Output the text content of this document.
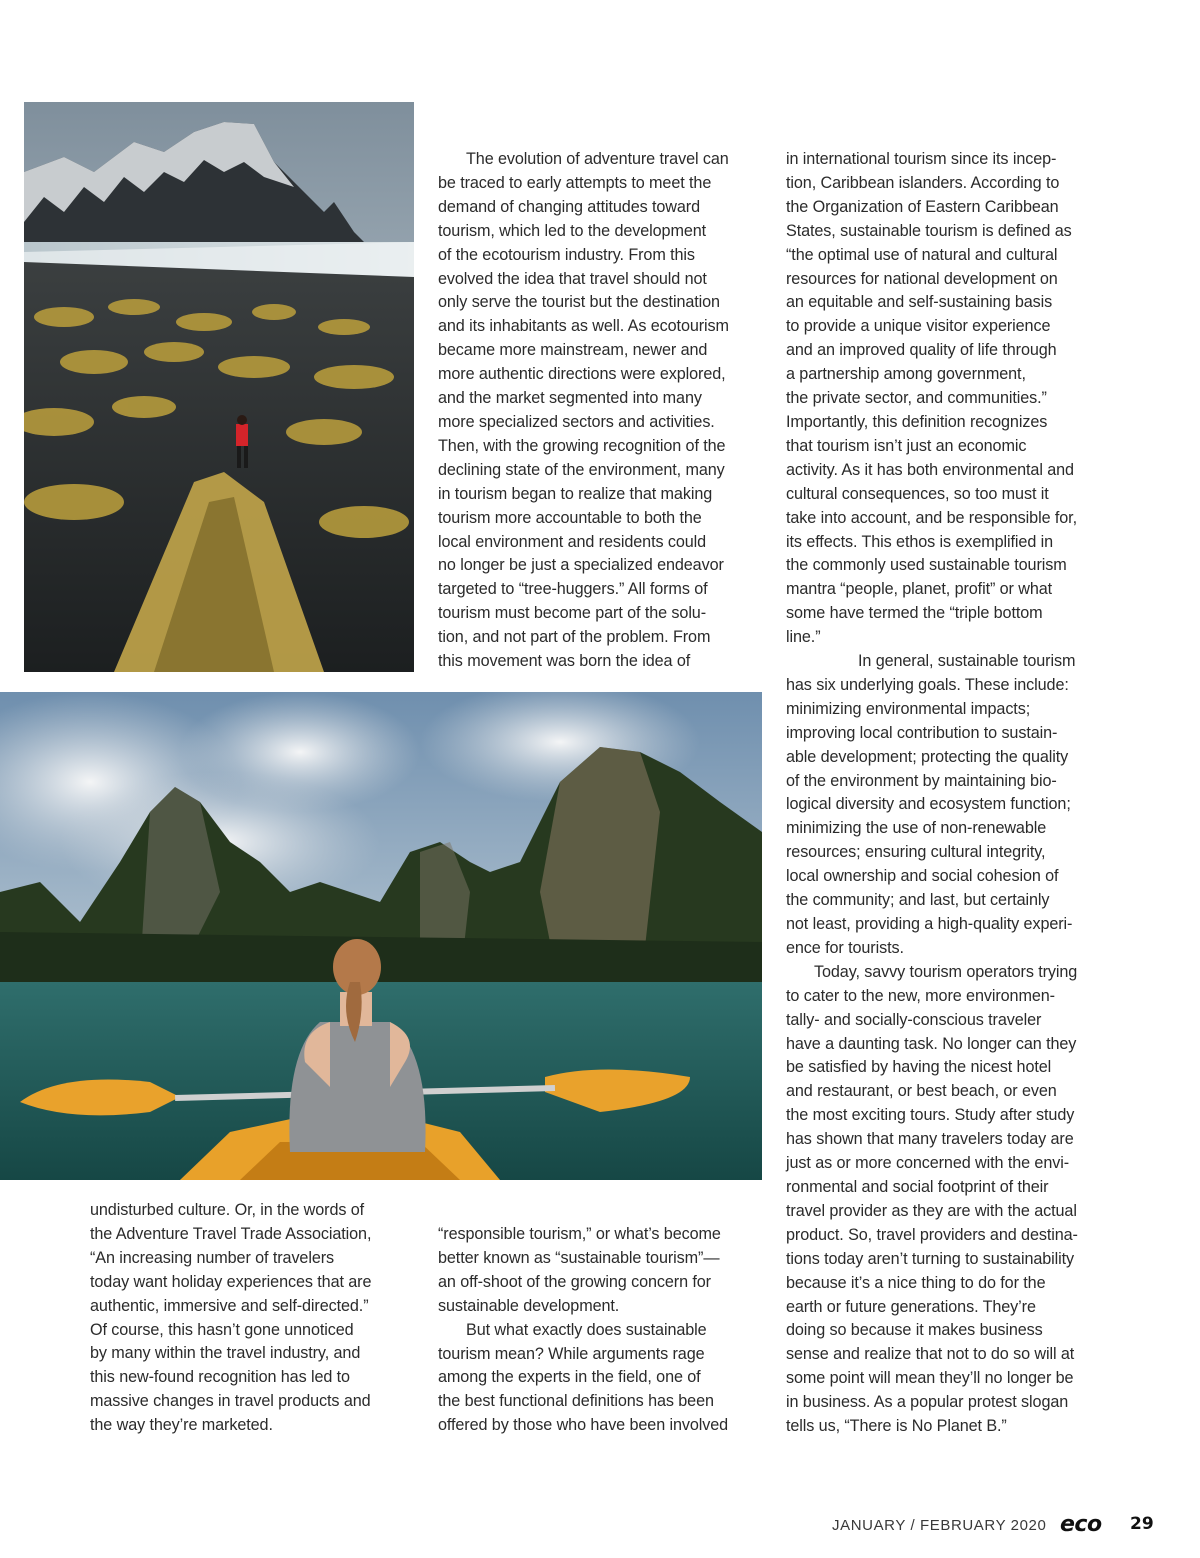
The evolution of adventure travel can
be traced to early attempts to meet the
demand of changing attitudes toward
tourism, which led to the development
of the ecotourism industry. From this
evolved the idea that travel should not
only serve the tourist but the destination
and its inhabitants as well. As ecotourism
became more mainstream, newer and
more authentic directions were explored,
and the market segmented into many
more specialized sectors and activities.
Then, with the growing recognition of the
declining state of the environment, many
in tourism began to realize that making
tourism more accountable to both the
local environment and residents could
no longer be just a specialized endeavor
targeted to “tree-huggers.” All forms of
tourism must become part of the solu-
tion, and not part of the problem. From
this movement was born the idea of

in international tourism since its incep-
tion, Caribbean islanders. According to
the Organization of Eastern Caribbean
States, sustainable tourism is defined as
“the optimal use of natural and cultural
resources for national development on
an equitable and self-sustaining basis
to provide a unique visitor experience
and an improved quality of life through
a partnership among government,
the private sector, and communities.”
Importantly, this definition recognizes
that tourism isn’t just an economic
activity. As it has both environmental and
cultural consequences, so too must it
take into account, and be responsible for,
its effects. This ethos is exemplified in
the commonly used sustainable tourism
mantra “people, planet, profit” or what
some have termed the “triple bottom
line.”

In general, sustainable tourism
has six underlying goals. These include:
minimizing environmental impacts;
improving local contribution to sustain-
able development; protecting the quality
of the environment by maintaining bio-
logical diversity and ecosystem function;
minimizing the use of non-renewable
resources; ensuring cultural integrity,
local ownership and social cohesion of
the community; and last, but certainly
not least, providing a high-quality experi-
ence for tourists.

Today, savvy tourism operators trying
to cater to the new, more environmen-
tally- and socially-conscious traveler
have a daunting task. No longer can they
be satisfied by having the nicest hotel
and restaurant, or best beach, or even
the most exciting tours. Study after study
has shown that many travelers today are
just as or more concerned with the envi-
ronmental and social footprint of their
travel provider as they are with the actual
product. So, travel providers and destina-
tions today aren’t turning to sustainability
because it’s a nice thing to do for the
earth or future generations. They’re
doing so because it makes business
sense and realize that not to do so will at
some point will mean they’ll no longer be
in business. As a popular protest slogan
tells us, “There is No Planet B.”

undisturbed culture. Or, in the words of
the Adventure Travel Trade Association,
“An increasing number of travelers
today want holiday experiences that are
authentic, immersive and self-directed.”
Of course, this hasn’t gone unnoticed
by many within the travel industry, and
this new-found recognition has led to
massive changes in travel products and
the way they’re marketed.

“responsible tourism,” or what’s become
better known as “sustainable tourism”—
an off-shoot of the growing concern for
sustainable development.

But what exactly does sustainable
tourism mean? While arguments rage
among the experts in the field, one of
the best functional definitions has been
offered by those who have been involved

JANUARY / FEBRUARY 2020 eco 29
